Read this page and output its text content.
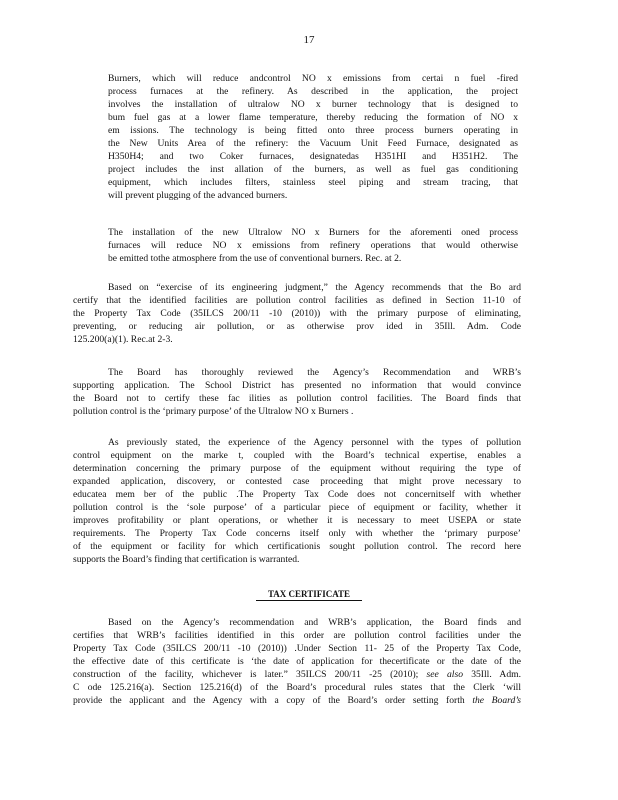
17
Burners, which will reduce andcontrol NO x emissions from certai n fuel -fired
process furnaces at the refinery. As described in the application, the project
involves the installation of ultralow NO x burner technology that is designed to
bum fuel gas at a lower flame temperature, thereby reducing the formation of NO x
em issions. The technology is being fitted onto three process burners operating in
the New Units Area of the refinery: the Vacuum Unit Feed Furnace, designated as
H350H4; and two Coker furnaces, designatedas H351HI and H351H2. The
project includes the inst allation of the burners, as well as fuel gas conditioning
equipment, which includes filters, stainless steel piping and stream tracing, that
will prevent plugging of the advanced burners.
The installation of the new Ultralow NO x Burners for the aforementi oned process
furnaces will reduce NO x emissions from refinery operations that would otherwise
be emitted tothe atmosphere from the use of conventional burners. Rec. at 2.
Based on “exercise of its engineering judgment,” the Agency recommends that the Bo ard
certify that the identified facilities are pollution control facilities as defined in Section 11-10 of
the Property Tax Code (35ILCS 200/11 -10 (2010)) with the primary purpose of eliminating,
preventing, or reducing air pollution, or as otherwise prov ided in 35Ill. Adm. Code
125.200(a)(1). Rec.at 2-3.
The Board has thoroughly reviewed the Agency’s Recommendation and WRB’s
supporting application. The School District has presented no information that would convince
the Board not to certify these fac ilities as pollution control facilities. The Board finds that
pollution control is the ‘primary purpose’ of the Ultralow NO x Burners .
As previously stated, the experience of the Agency personnel with the types of pollution
control equipment on the marke t, coupled with the Board’s technical expertise, enables a
determination concerning the primary purpose of the equipment without requiring the type of
expanded application, discovery, or contested case proceeding that might prove necessary to
educatea mem ber of the public .The Property Tax Code does not concernitself with whether
pollution control is the ‘sole purpose’ of a particular piece of equipment or facility, whether it
improves profitability or plant operations, or whether it is necessary to meet USEPA or state
requirements. The Property Tax Code concerns itself only with whether the ‘primary purpose’
of the equipment or facility for which certificationis sought pollution control. The record here
supports the Board’s finding that certification is warranted.
TAX CERTIFICATE
Based on the Agency’s recommendation and WRB’s application, the Board finds and
certifies that WRB’s facilities identified in this order are pollution control facilities under the
Property Tax Code (35ILCS 200/11 -10 (2010)) .Under Section 11- 25 of the Property Tax Code,
the effective date of this certificate is ‘the date of application for thecertificate or the date of the
construction of the facility, whichever is later.” 35ILCS 200/11 -25 (2010); see also 35Ill. Adm.
C ode 125.216(a). Section 125.216(d) of the Board’s procedural rules states that the Clerk ‘will
provide the applicant and the Agency with a copy of the Board’s order setting forth the Board’s
